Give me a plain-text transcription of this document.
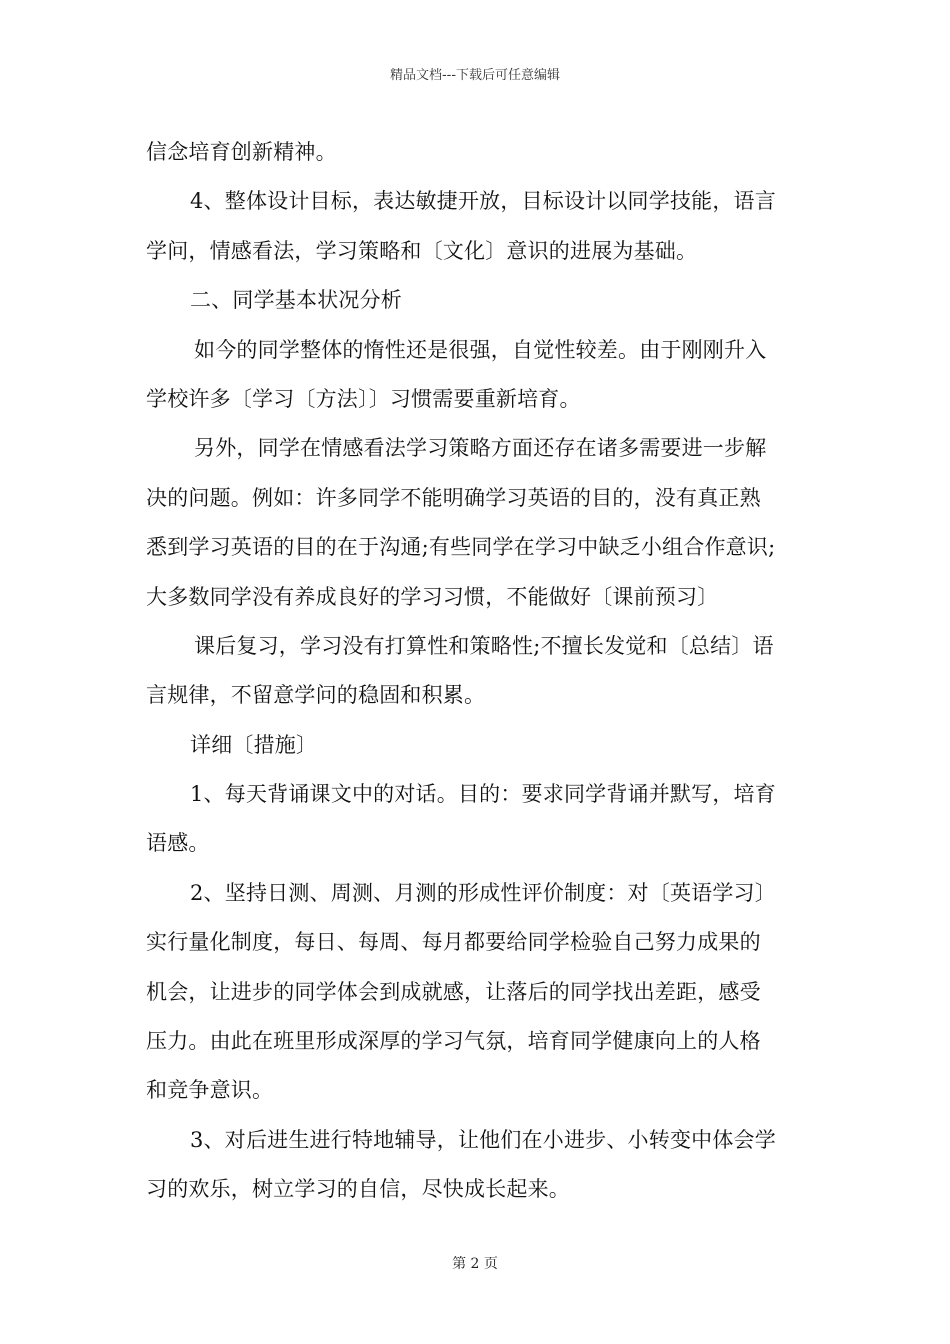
精品文档---下载后可任意编辑
信念培育创新精神。
4、整体设计目标，表达敏捷开放，目标设计以同学技能，语言
学问，情感看法，学习策略和〔文化〕意识的进展为基础。
二、同学基本状况分析
如今的同学整体的惰性还是很强，自觉性较差。由于刚刚升入
学校许多〔学习〔方法〕〕习惯需要重新培育。
另外，同学在情感看法学习策略方面还存在诸多需要进一步解
决的问题。例如：许多同学不能明确学习英语的目的，没有真正熟
悉到学习英语的目的在于沟通;有些同学在学习中缺乏小组合作意识;
大多数同学没有养成良好的学习习惯，不能做好〔课前预习〕
课后复习，学习没有打算性和策略性;不擅长发觉和〔总结〕语
言规律，不留意学问的稳固和积累。
详细〔措施〕
1、每天背诵课文中的对话。目的：要求同学背诵并默写，培育
语感。
2、坚持日测、周测、月测的形成性评价制度：对〔英语学习〕
实行量化制度，每日、每周、每月都要给同学检验自己努力成果的
机会，让进步的同学体会到成就感，让落后的同学找出差距，感受
压力。由此在班里形成深厚的学习气氛，培育同学健康向上的人格
和竞争意识。
3、对后进生进行特地辅导，让他们在小进步、小转变中体会学
习的欢乐，树立学习的自信，尽快成长起来。
第 2 页
